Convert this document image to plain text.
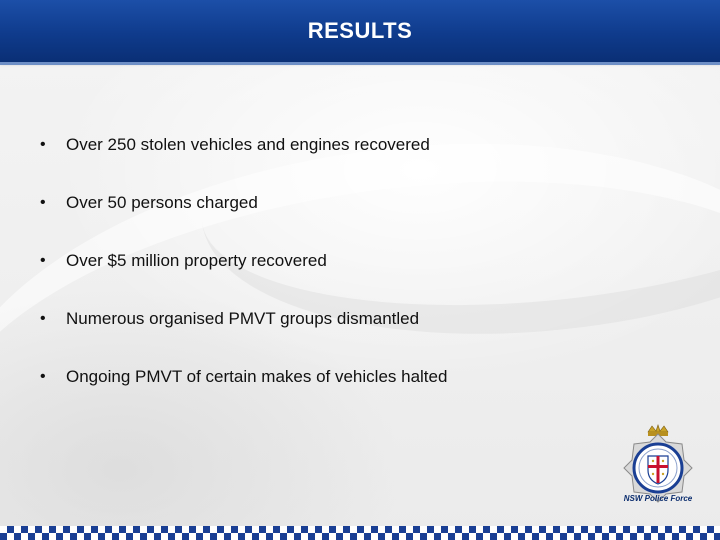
RESULTS
•	Over 250 stolen vehicles and engines recovered
•	Over 50 persons charged
•	Over $5 million property recovered
•	Numerous organised PMVT groups dismantled
•	Ongoing PMVT of certain makes of vehicles halted
NSW Police Force
